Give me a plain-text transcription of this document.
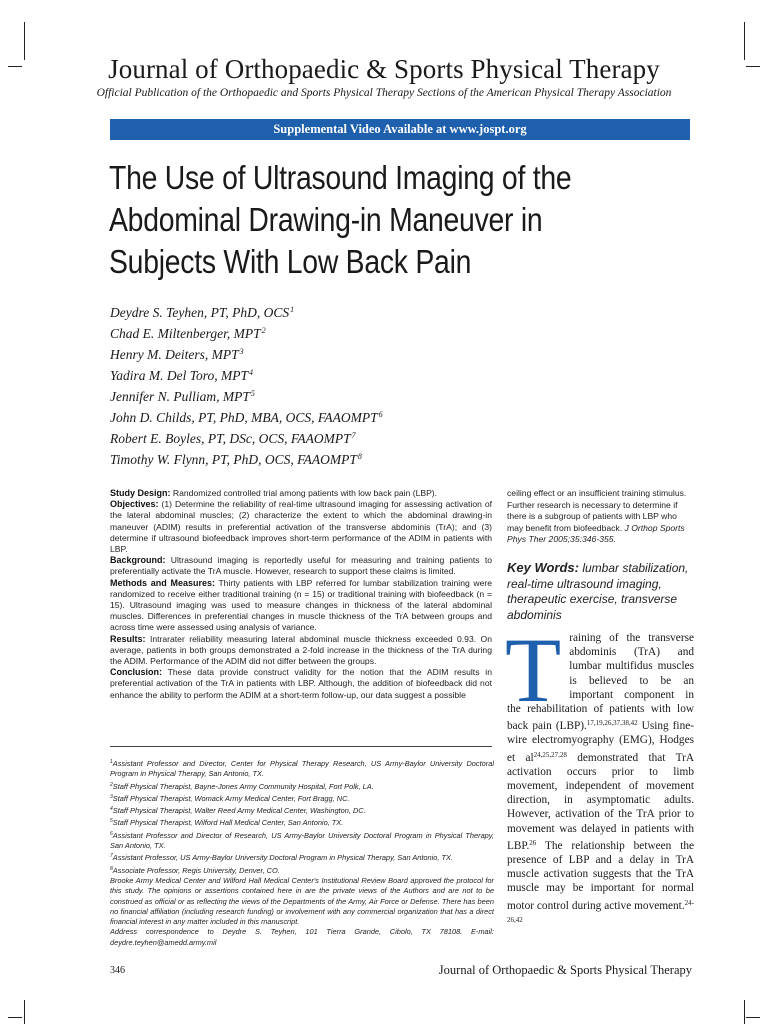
Journal of Orthopaedic & Sports Physical Therapy
Official Publication of the Orthopaedic and Sports Physical Therapy Sections of the American Physical Therapy Association
Supplemental Video Available at www.jospt.org
The Use of Ultrasound Imaging of the
Abdominal Drawing-in Maneuver in
Subjects With Low Back Pain
Deydre S. Teyhen, PT, PhD, OCS$^1$
Chad E. Miltenberger, MPT$^2$
Henry M. Deiters, MPT$^3$
Yadira M. Del Toro, MPT$^4$
Jennifer N. Pulliam, MPT$^5$
John D. Childs, PT, PhD, MBA, OCS, FAAOMPT$^6$
Robert E. Boyles, PT, DSc, OCS, FAAOMPT$^7$
Timothy W. Flynn, PT, PhD, OCS, FAAOMPT$^8$

Study Design: Randomized controlled trial among patients with low back pain (LBP).

Objectives: (1) Determine the reliability of real-time ultrasound imaging for assessing activation of the lateral abdominal muscles; (2) characterize the extent to which the abdominal drawing-in maneuver (ADIM) results in preferential activation of the transverse abdominis (TrA); and (3) determine if ultrasound biofeedback improves short-term performance of the ADIM in patients with LBP.

Background: Ultrasound imaging is reportedly useful for measuring and training patients to preferentially activate the TrA muscle. However, research to support these claims is limited.

Methods and Measures: Thirty patients with LBP referred for lumbar stabilization training were randomized to receive either traditional training (n = 15) or traditional training with biofeedback (n = 15). Ultrasound imaging was used to measure changes in thickness of the lateral abdominal muscles. Differences in preferential changes in muscle thickness of the TrA between groups and across time were assessed using analysis of variance.

Results: Intrarater reliability measuring lateral abdominal muscle thickness exceeded 0.93. On average, patients in both groups demonstrated a 2-fold increase in the thickness of the TrA during the ADIM. Performance of the ADIM did not differ between the groups.

Conclusion: These data provide construct validity for the notion that the ADIM results in preferential activation of the TrA in patients with LBP. Although, the addition of biofeedback did not enhance the ability to perform the ADIM at a short-term follow-up, our data suggest a possible

ceiling effect or an insufficient training stimulus. Further research is necessary to determine if there is a subgroup of patients with LBP who may benefit from biofeedback. J Orthop Sports Phys Ther 2005;35:346-355.
Key Words: lumbar stabilization, real-time ultrasound imaging, therapeutic exercise, transverse abdominis
Training of the transverse abdominis (TrA) and lumbar multifidus muscles is believed to be an important component in the rehabilitation of patients with low back pain (LBP).$^{17,19,26,37,38,42}$ Using fine-wire electromyography (EMG), Hodges et al$^{24,25,27,28}$ demonstrated that TrA activation occurs prior to limb movement, independent of movement direction, in asymptomatic adults. However, activation of the TrA prior to movement was delayed in patients with LBP.$^{26}$ The relationship between the presence of LBP and a delay in TrA muscle activation suggests that the TrA muscle may be important for normal motor control during active movement.$^{24-26,42}$

$^1$Assistant Professor and Director, Center for Physical Therapy Research, US Army-Baylor University Doctoral Program in Physical Therapy, San Antonio, TX.

$^2$Staff Physical Therapist, Bayne-Jones Army Community Hospital, Fort Polk, LA.

$^3$Staff Physical Therapist, Womack Army Medical Center, Fort Bragg, NC.

$^4$Staff Physical Therapist, Walter Reed Army Medical Center, Washington, DC.

$^5$Staff Physical Therapist, Wilford Hall Medical Center, San Antonio, TX.

$^6$Assistant Professor and Director of Research, US Army-Baylor University Doctoral Program in Physical Therapy, San Antonio, TX.

$^7$Assistant Professor, US Army-Baylor University Doctoral Program in Physical Therapy, San Antonio, TX.

$^8$Associate Professor, Regis University, Denver, CO.

Brooke Army Medical Center and Wilford Hall Medical Center's Institutional Review Board approved the protocol for this study. The opinions or assertions contained here in are the private views of the Authors and are not to be construed as official or as reflecting the views of the Departments of the Army, Air Force or Defense. There has been no financial affiliation (including research funding) or involvement with any commercial organization that has a direct financial interest in any matter included in this manuscript.

Address correspondence to Deydre S. Teyhen, 101 Tierra Grande, Cibolo, TX 78108. E-mail: deydre.teyhen@amedd.army.mil

346	Journal of Orthopaedic & Sports Physical Therapy
